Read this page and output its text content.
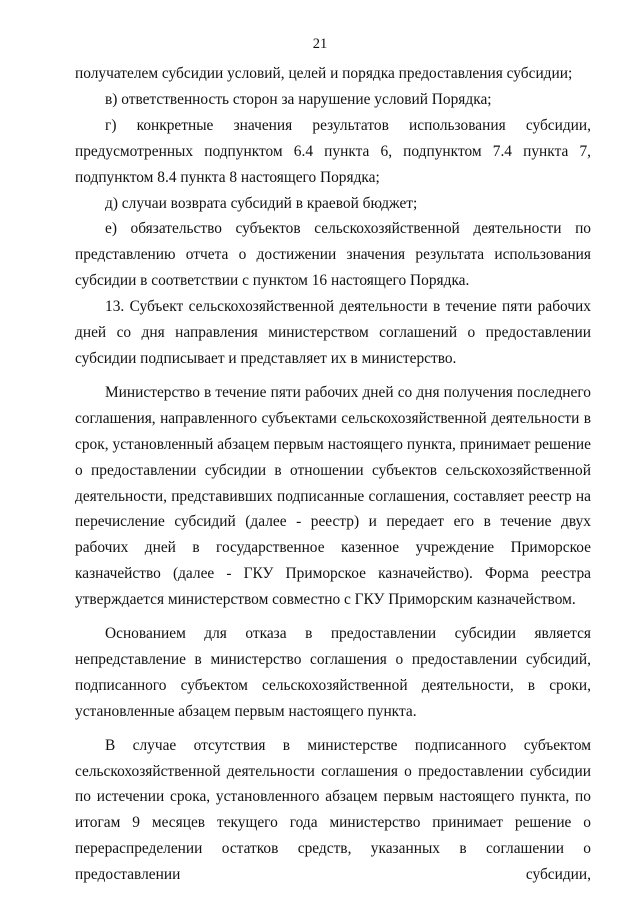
21

получателем субсидии условий, целей и порядка предоставления субсидии;

в) ответственность сторон за нарушение условий Порядка;

г) конкретные значения результатов использования субсидии, предусмотренных подпунктом 6.4 пункта 6, подпунктом 7.4 пункта 7, подпунктом 8.4 пункта 8 настоящего Порядка;

д) случаи возврата субсидий в краевой бюджет;

е) обязательство субъектов сельскохозяйственной деятельности по представлению отчета о достижении значения результата использования субсидии в соответствии с пунктом 16 настоящего Порядка.

13. Субъект сельскохозяйственной деятельности в течение пяти рабочих дней со дня направления министерством соглашений о предоставлении субсидии подписывает и представляет их в министерство.

Министерство в течение пяти рабочих дней со дня получения последнего соглашения, направленного субъектами сельскохозяйственной деятельности в срок, установленный абзацем первым настоящего пункта, принимает решение о предоставлении субсидии в отношении субъектов сельскохозяйственной деятельности, представивших подписанные соглашения, составляет реестр на перечисление субсидий (далее - реестр) и передает его в течение двух рабочих дней в государственное казенное учреждение Приморское казначейство (далее - ГКУ Приморское казначейство). Форма реестра утверждается министерством совместно с ГКУ Приморским казначейством.

Основанием для отказа в предоставлении субсидии является непредставление в министерство соглашения о предоставлении субсидий, подписанного субъектом сельскохозяйственной деятельности, в сроки, установленные абзацем первым настоящего пункта.

В случае отсутствия в министерстве подписанного субъектом сельскохозяйственной деятельности соглашения о предоставлении субсидии по истечении срока, установленного абзацем первым настоящего пункта, по итогам 9 месяцев текущего года министерство принимает решение о перераспределении остатков средств, указанных в соглашении о предоставлении субсидии,
